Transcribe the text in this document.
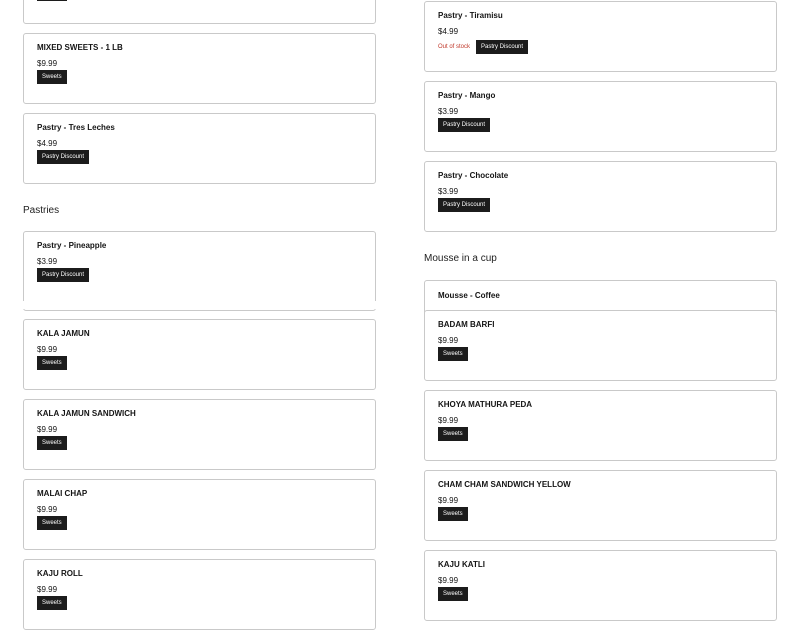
MIXED SWEETS - 1 LB
$9.99
Sweets
Pastry - Tres Leches
$4.99
Pastry Discount
Pastries
Pastry - Pineapple
$3.99
Pastry Discount
KALA JAMUN
$9.99
Sweets
KALA JAMUN SANDWICH
$9.99
Sweets
MALAI CHAP
$9.99
Sweets
KAJU ROLL
$9.99
Sweets
Pastry - Tiramisu
$4.99
Out of stock	Pastry Discount
Pastry - Mango
$3.99
Pastry Discount
Pastry - Chocolate
$3.99
Pastry Discount
Mousse in a cup
Mousse - Coffee
BADAM BARFI
$9.99
Sweets
KHOYA MATHURA PEDA
$9.99
Sweets
CHAM CHAM SANDWICH YELLOW
$9.99
Sweets
KAJU KATLI
$9.99
Sweets
